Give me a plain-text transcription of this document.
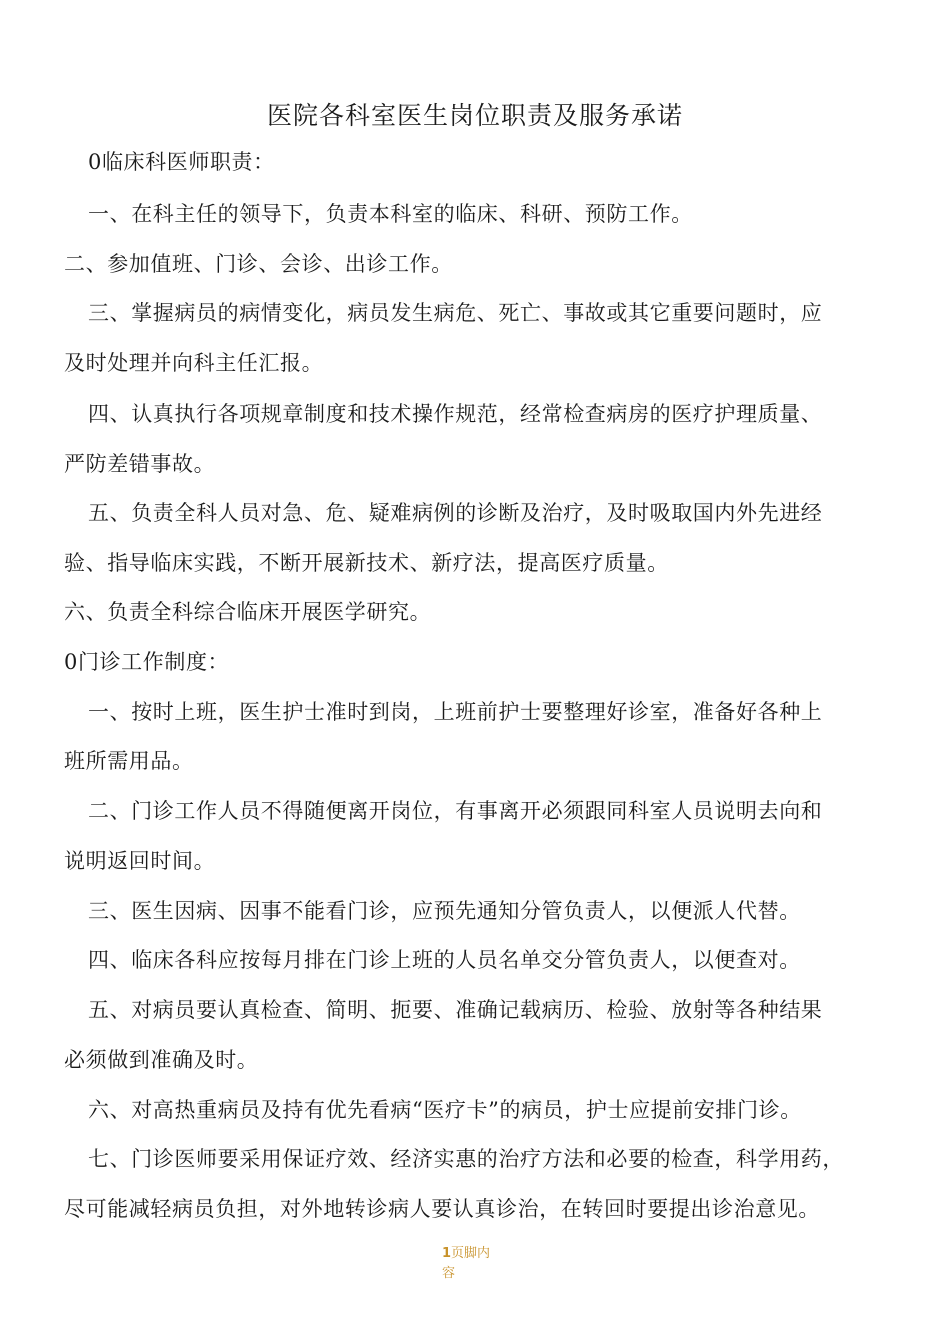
医院各科室医生岗位职责及服务承诺
0临床科医师职责：
一、在科主任的领导下，负责本科室的临床、科研、预防工作。
二、参加值班、门诊、会诊、出诊工作。
三、掌握病员的病情变化，病员发生病危、死亡、事故或其它重要问题时，应
及时处理并向科主任汇报。
四、认真执行各项规章制度和技术操作规范，经常检查病房的医疗护理质量、
严防差错事故。
五、负责全科人员对急、危、疑难病例的诊断及治疗，及时吸取国内外先进经
验、指导临床实践，不断开展新技术、新疗法，提高医疗质量。
六、负责全科综合临床开展医学研究。
0门诊工作制度：
一、按时上班，医生护士准时到岗，上班前护士要整理好诊室，准备好各种上
班所需用品。
二、门诊工作人员不得随便离开岗位，有事离开必须跟同科室人员说明去向和
说明返回时间。
三、医生因病、因事不能看门诊，应预先通知分管负责人，以便派人代替。
四、临床各科应按每月排在门诊上班的人员名单交分管负责人，以便查对。
五、对病员要认真检查、简明、扼要、准确记载病历、检验、放射等各种结果
必须做到准确及时。
六、对高热重病员及持有优先看病“医疗卡”的病员，护士应提前安排门诊。
七、门诊医师要采用保证疗效、经济实惠的治疗方法和必要的检查，科学用药，
尽可能减轻病员负担，对外地转诊病人要认真诊治，在转回时要提出诊治意见。
1页脚内
容
